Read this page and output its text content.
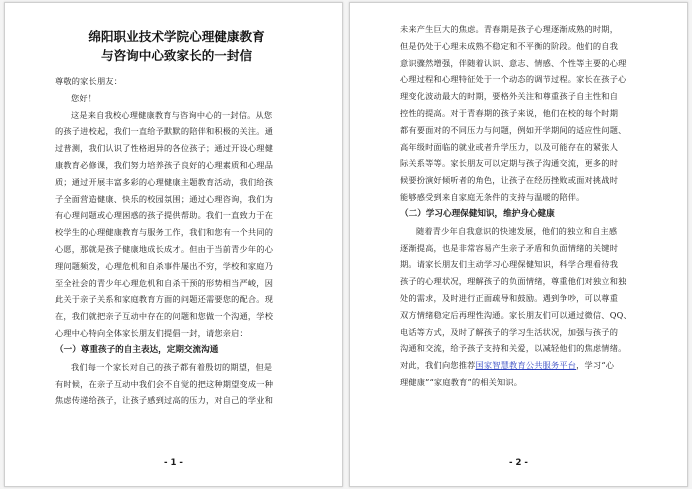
绵阳职业技术学院心理健康教育
与咨询中心致家长的一封信
尊敬的家长朋友：
您好！
这是来自我校心理健康教育与咨询中心的一封信。从您
的孩子进校起，我们一直给予默默的陪伴和积极的关注。通
过普测，我们认识了性格迥异的各位孩子；通过开设心理健
康教育必修课，我们努力培养孩子良好的心理素质和心理品
质；通过开展丰富多彩的心理健康主题教育活动，我们给孩
子全面营造健康、快乐的校园氛围；通过心理咨询，我们为
有心理问题或心理困惑的孩子提供帮助。我们一直致力于在
校学生的心理健康教育与服务工作，我们和您有一个共同的
心愿，那就是孩子健康地成长成才。但由于当前青少年的心
理问题频发，心理危机和自杀事件屡出不穷，学校和家庭乃
至全社会的青少年心理危机和自杀干预的形势相当严峻，因
此关于亲子关系和家庭教育方面的问题还需要您的配合。现
在，我们就把亲子互动中存在的问题和您做一个沟通，学校
心理中心特向全体家长朋友们提倡一封，请您亲启：
（一）尊重孩子的自主表达，定期交流沟通
我们每一个家长对自己的孩子都有着殷切的期望，但是
有时候，在亲子互动中我们会不自觉的把这种期望变成一种
焦虑传递给孩子，让孩子感到过高的压力，对自己的学业和
- 1 -
未来产生巨大的焦虑。青春期是孩子心理逐渐成熟的时期，
但是仍处于心理未成熟不稳定和不平衡的阶段。他们的自我
意识骤然增强，伴随着认识、意志、情感、个性等主要的心理
心理过程和心理特征处于一个动态的调节过程。家长在孩子心
理变化波动最大的时期，要格外关注和尊重孩子自主性和自
控性的提高。对于青春期的孩子来说，他们在校的每个时期
都有要面对的不同压力与问题，例如开学期间的适应性问题、
高年级时面临的就业或者升学压力，以及可能存在的紧张人
际关系等等。家长朋友可以定期与孩子沟通交流，更多的时
候要扮演好倾听者的角色，让孩子在经历挫败或面对挑战时
能够感受到来自家庭无条件的支持与温暖的陪伴。
（二）学习心理保健知识，维护身心健康
随着青少年自我意识的快速发展，他们的独立和自主感
逐渐提高，也是非常容易产生亲子矛盾和负面情绪的关键时
期。请家长朋友们主动学习心理保健知识，科学合理看待我
孩子的心理状况，理解孩子的负面情绪，尊重他们对独立和独
处的需求，及时进行正面疏导和鼓励。遇到争吵，可以尊重
双方情绪稳定后再理性沟通。家长朋友们可以通过微信、QQ、
电话等方式，及时了解孩子的学习生活状况，加强与孩子的
沟通和交流，给予孩子支持和关爱，以减轻他们的焦虑情绪。
对此，我们向您推荐国家智慧教育公共服务平台，学习“心
理健康”“家庭教育”的相关知识。
- 2 -
